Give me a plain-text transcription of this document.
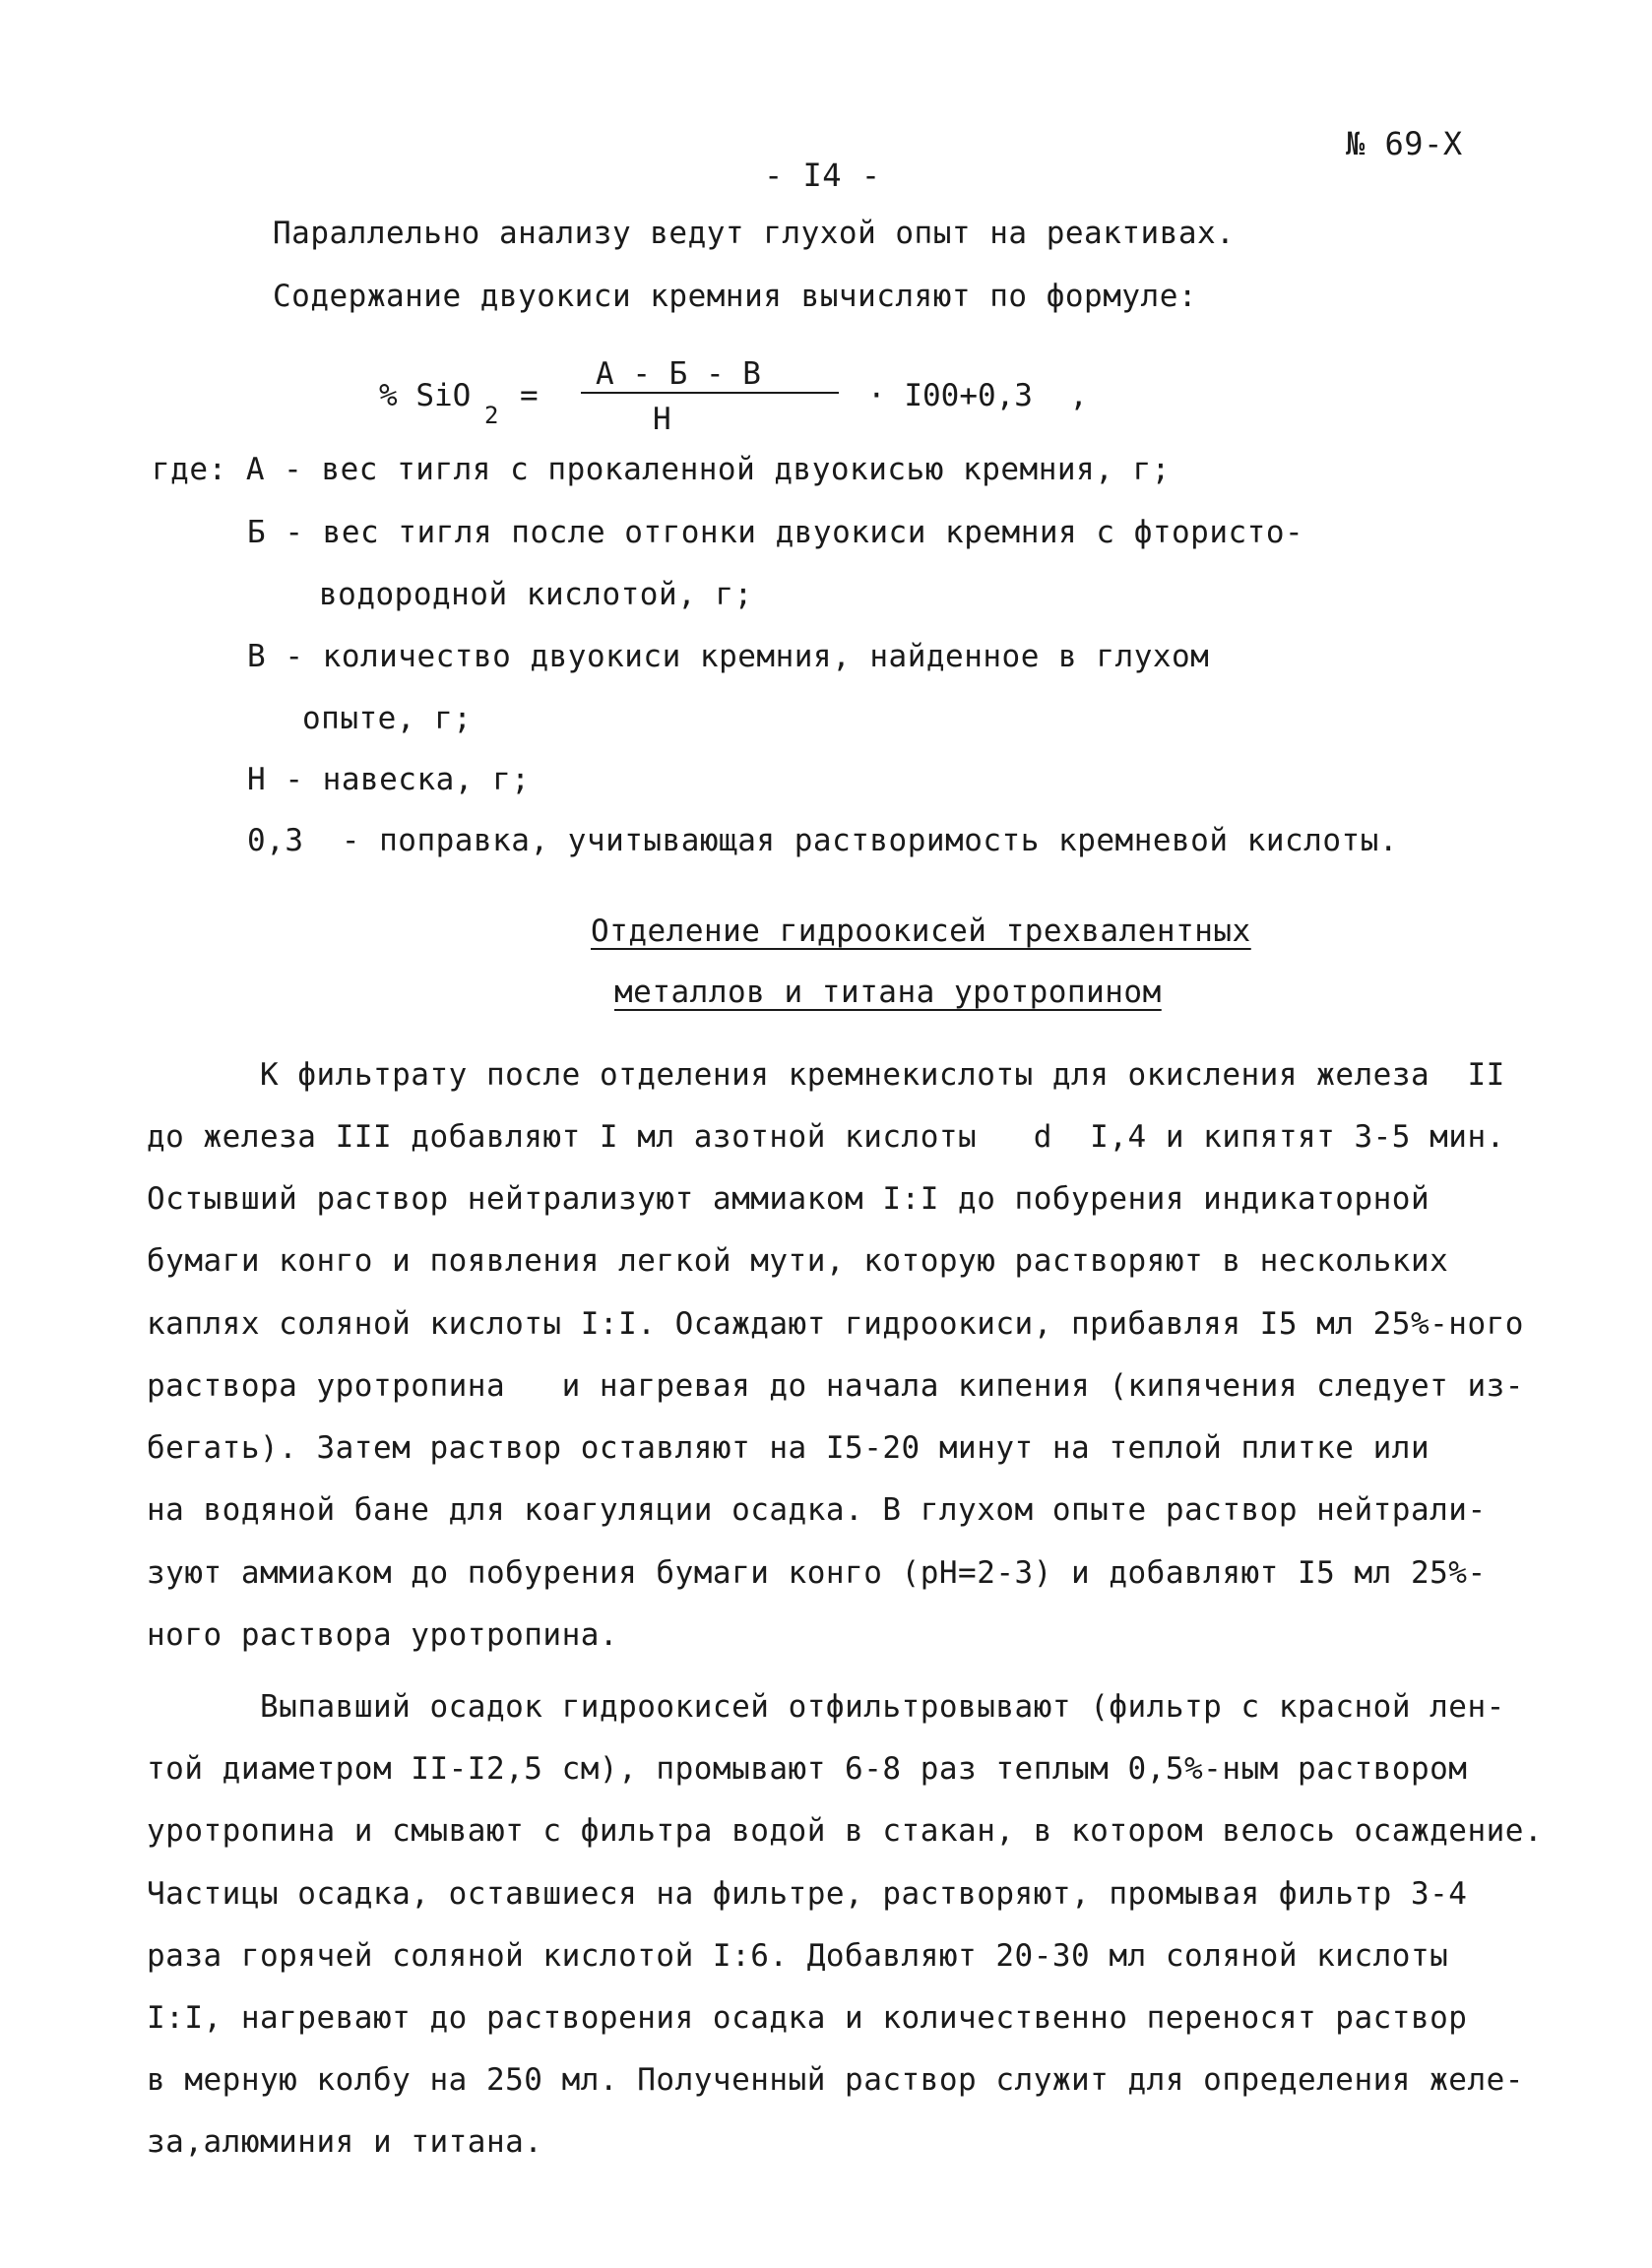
№ 69-Х
- I4 -
Параллельно анализу ведут глухой опыт на реактивах.
Содержание двуокиси кремния вычисляют по формуле:
% SiO
2
=
А - Б - В
Н
· I00+0,3  ,
где: А - вес тигля с прокаленной двуокисью кремния, г;
Б - вес тигля после отгонки двуокиси кремния с фтористо-
водородной кислотой, г;
В - количество двуокиси кремния, найденное в глухом
опыте, г;
Н - навеска, г;
0,3  - поправка, учитывающая растворимость кремневой кислоты.
Отделение гидроокисей трехвалентных
металлов и титана уротропином
К фильтрату после отделения кремнекислоты для окисления железа  II
до железа III добавляют I мл азотной кислоты   d  I,4 и кипятят 3-5 мин.
Остывший раствор нейтрализуют аммиаком I:I до побурения индикаторной
бумаги конго и появления легкой мути, которую растворяют в нескольких
каплях соляной кислоты I:I. Осаждают гидроокиси, прибавляя I5 мл 25%-ного
раствора уротропина   и нагревая до начала кипения (кипячения следует из-
бегать). Затем раствор оставляют на I5-20 минут на теплой плитке или
на водяной бане для коагуляции осадка. В глухом опыте раствор нейтрали-
зуют аммиаком до побурения бумаги конго (рН=2-3) и добавляют I5 мл 25%-
ного раствора уротропина.
Выпавший осадок гидроокисей отфильтровывают (фильтр с красной лен-
той диаметром II-I2,5 см), промывают 6-8 раз теплым 0,5%-ным раствором
уротропина и смывают с фильтра водой в стакан, в котором велось осаждение.
Частицы осадка, оставшиеся на фильтре, растворяют, промывая фильтр 3-4
раза горячей соляной кислотой I:6. Добавляют 20-30 мл соляной кислоты
I:I, нагревают до растворения осадка и количественно переносят раствор
в мерную колбу на 250 мл. Полученный раствор служит для определения желе-
за,алюминия и титана.
